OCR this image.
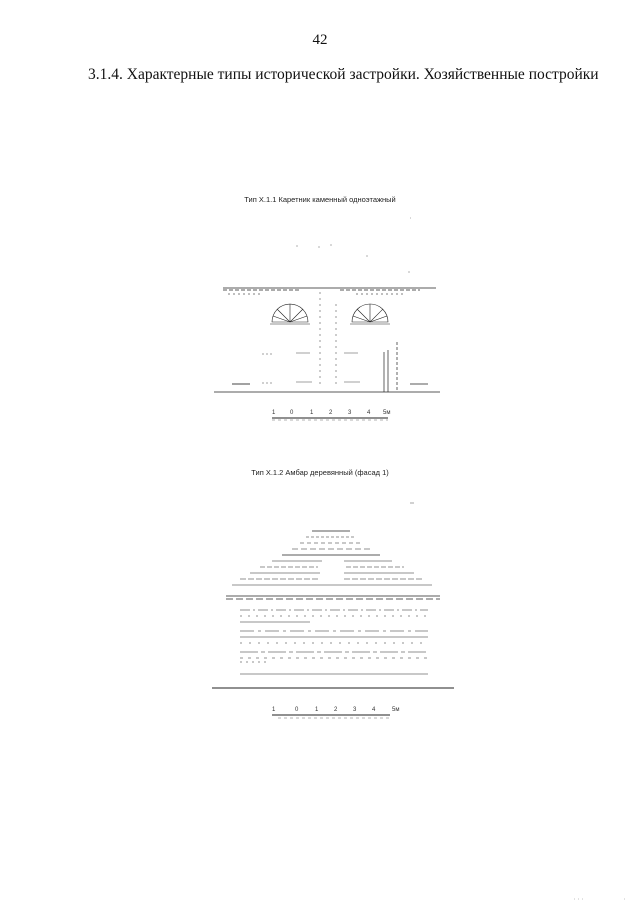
42
3.1.4. Характерные типы исторической застройки. Хозяйственные постройки
Тип Х.1.1 Каретник каменный одноэтажный
Тип Х.1.2 Амбар деревянный (фасад 1)
1 0	1	2	3	4 5м
1	0	1	2	3	4	5м
